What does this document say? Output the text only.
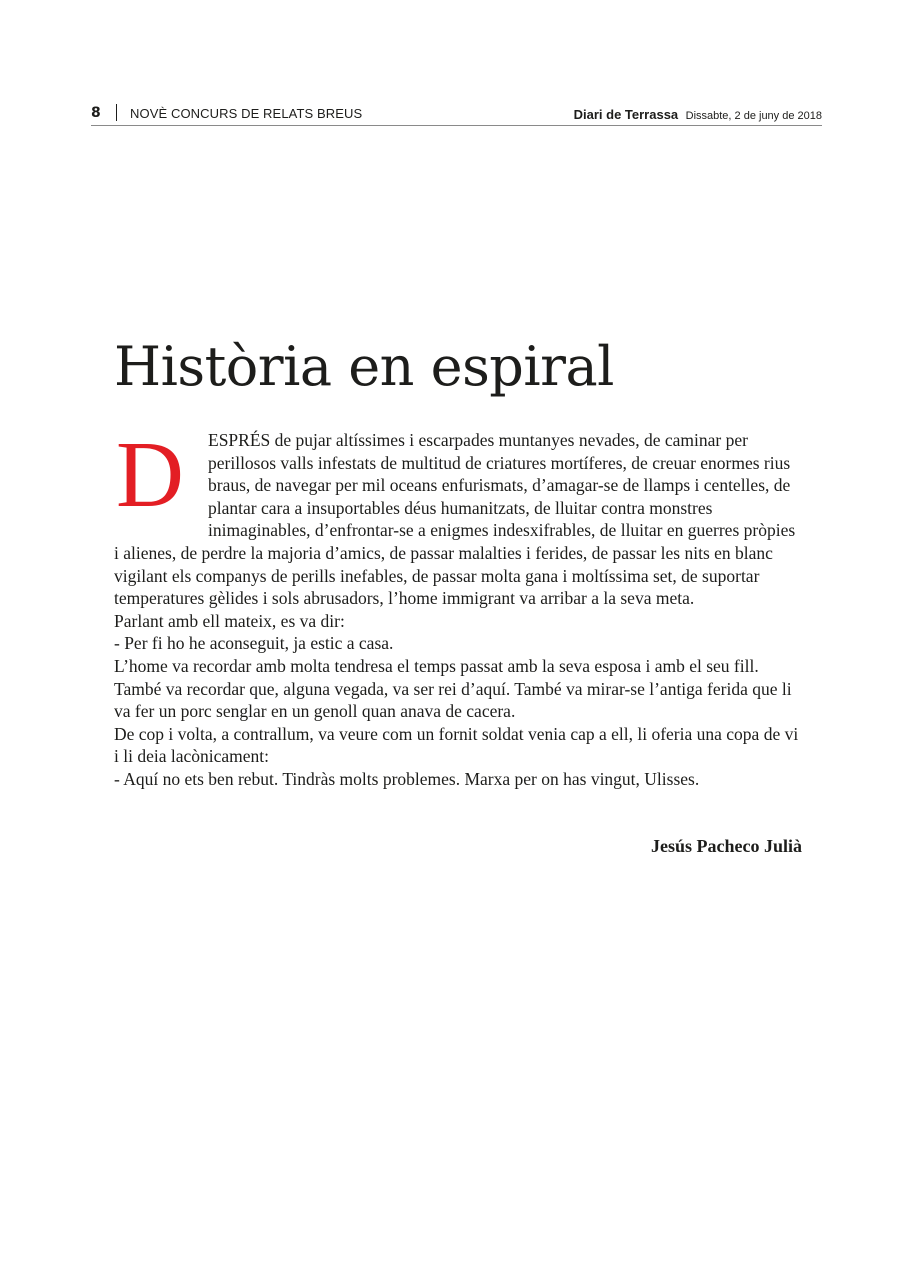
8 NOVÈ CONCURS DE RELATS BREUS	Diari de Terrassa Dissabte, 2 de juny de 2018
Història en espiral
D	ESPRÉS de pujar altíssimes i escarpades muntanyes nevades, de caminar per perillosos valls infestats de multitud de criatures mortíferes, de creuar enormes rius braus, de navegar per mil oceans enfurismats, d’amagar-se de llamps i centelles, de plantar cara a insuportables déus humanitzats, de lluitar contra monstres inimaginables, d’enfrontar-se a enigmes indesxifrables, de lluitar en guerres pròpies i alienes, de perdre la majoria d’amics, de passar malalties i ferides, de passar les nits en blanc vigilant els companys de perills inefables, de passar molta gana i moltíssima set, de suportar temperatures gèlides i sols abrusadors, l’home immigrant va arribar a la seva meta.

Parlant amb ell mateix, es va dir:

- Per fi ho he aconseguit, ja estic a casa.

L’home va recordar amb molta tendresa el temps passat amb la seva esposa i amb el seu fill. També va recordar que, alguna vegada, va ser rei d’aquí. També va mirar-se l’antiga ferida que li va fer un porc senglar en un genoll quan anava de cacera.

De cop i volta, a contrallum, va veure com un fornit soldat venia cap a ell, li oferia una copa de vi i li deia lacònicament:

- Aquí no ets ben rebut. Tindràs molts problemes. Marxa per on has vingut, Ulisses.

Jesús Pacheco Julià
